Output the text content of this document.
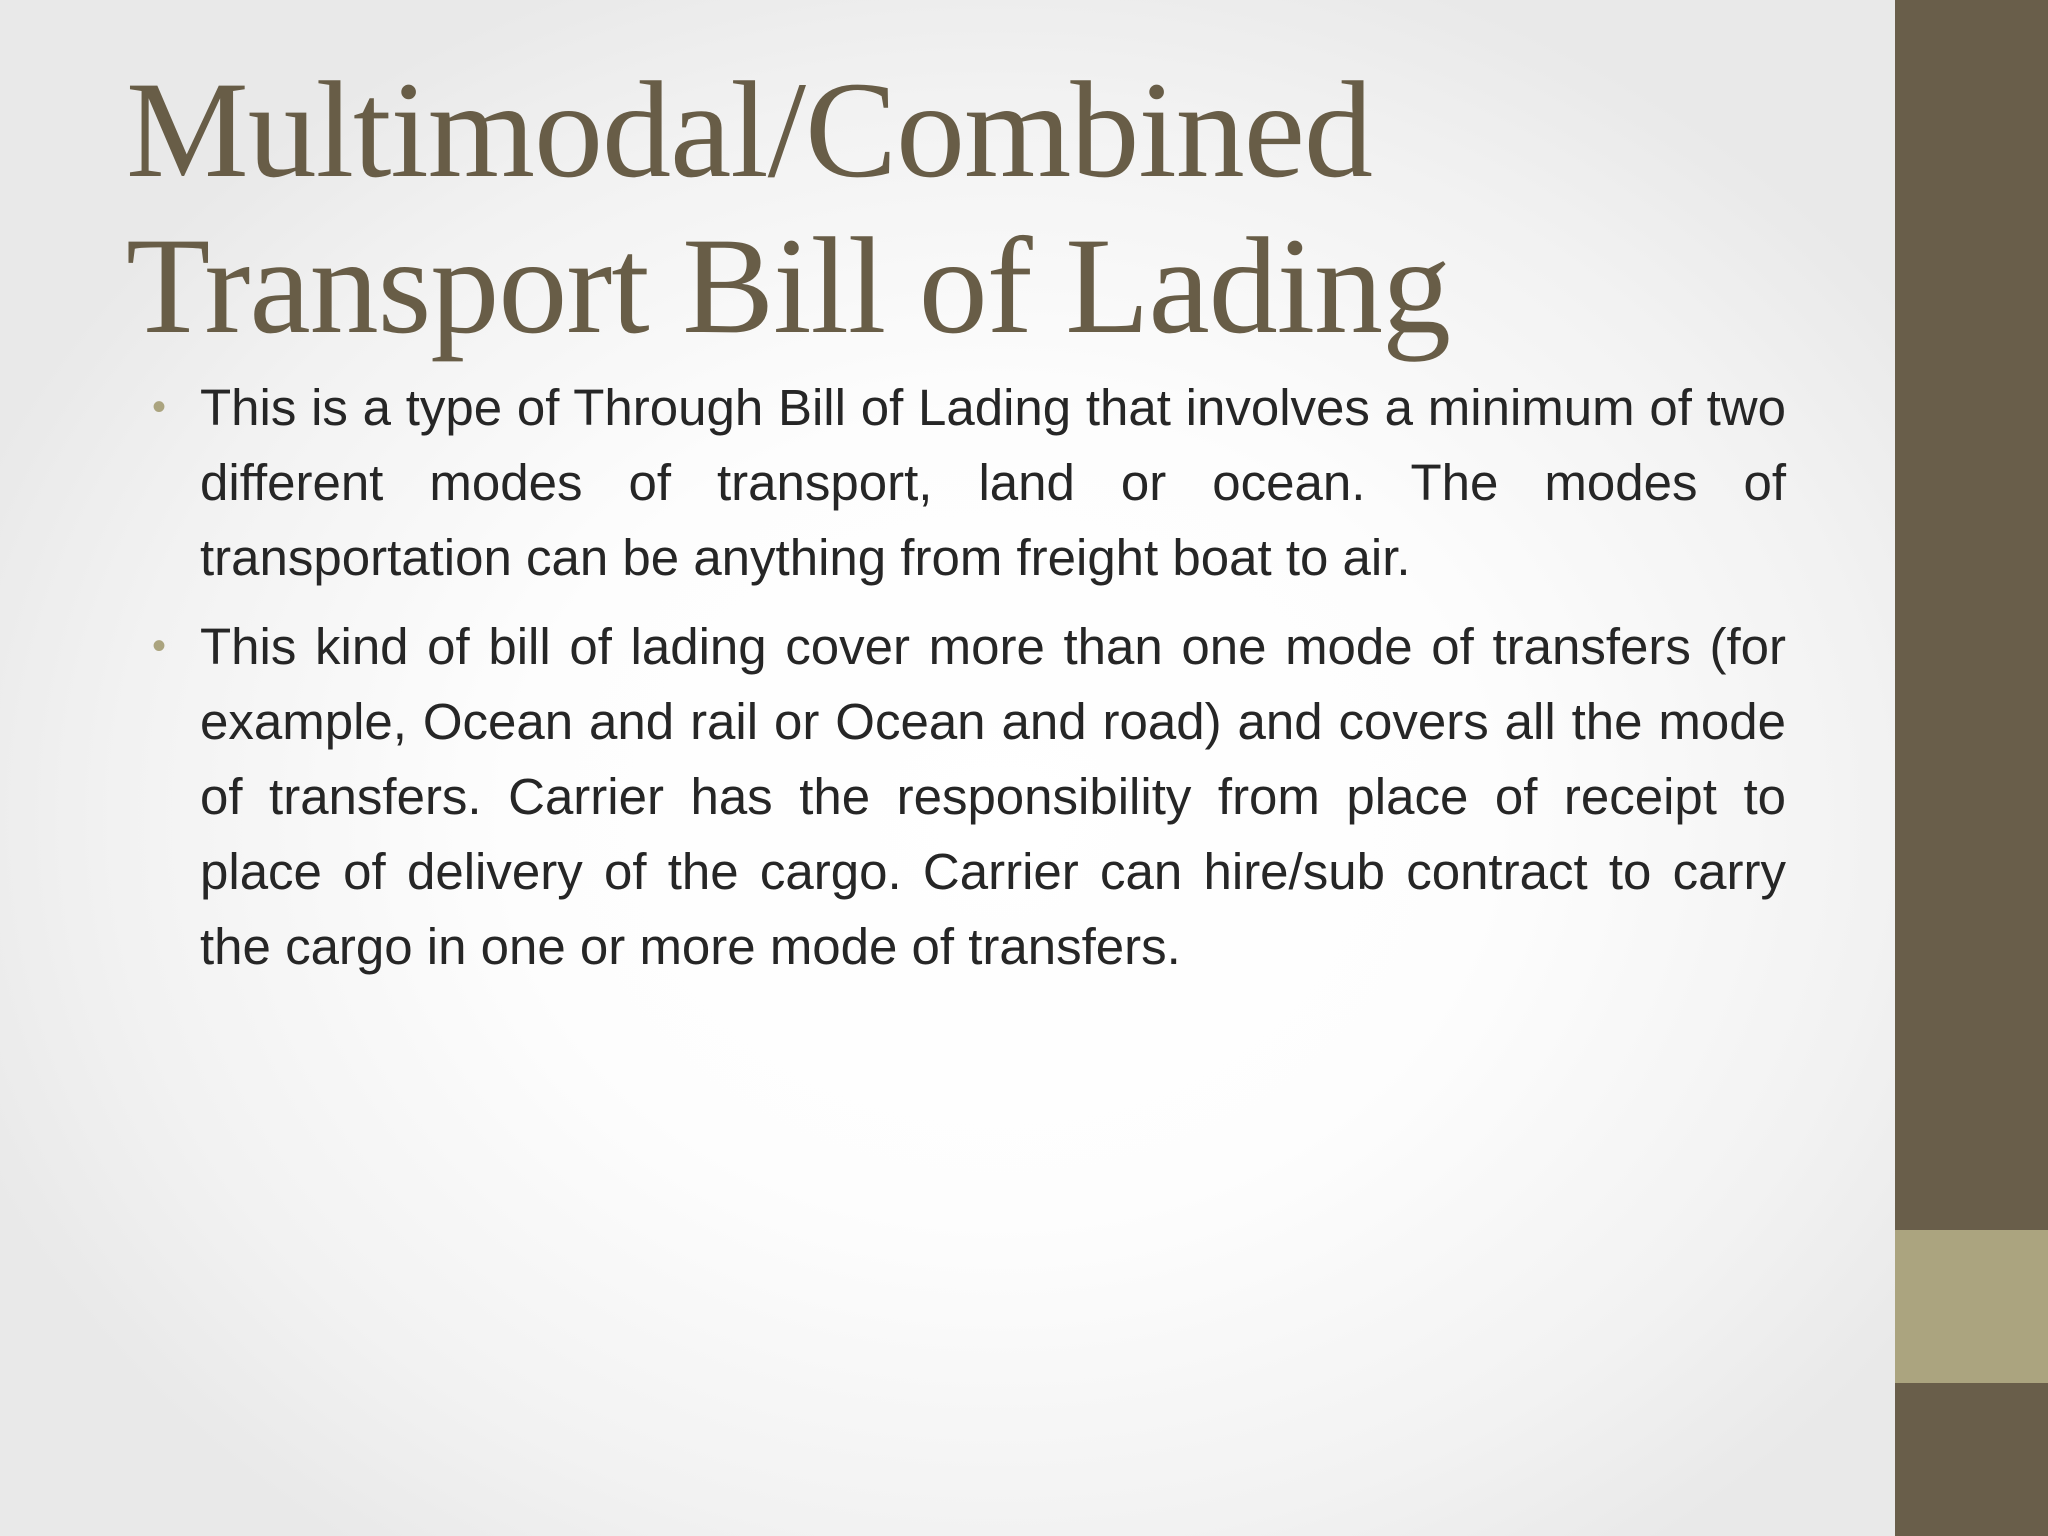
Multimodal/Combined
Transport Bill of Lading
• This is a type of Through Bill of Lading that involves a minimum of two different modes of transport, land or ocean. The modes of transportation can be anything from freight boat to air.
• This kind of bill of lading cover more than one mode of transfers (for example, Ocean and rail or Ocean and road) and covers all the mode of transfers. Carrier has the responsibility from place of receipt to place of delivery of the cargo. Carrier can hire/sub contract to carry the cargo in one or more mode of transfers.
